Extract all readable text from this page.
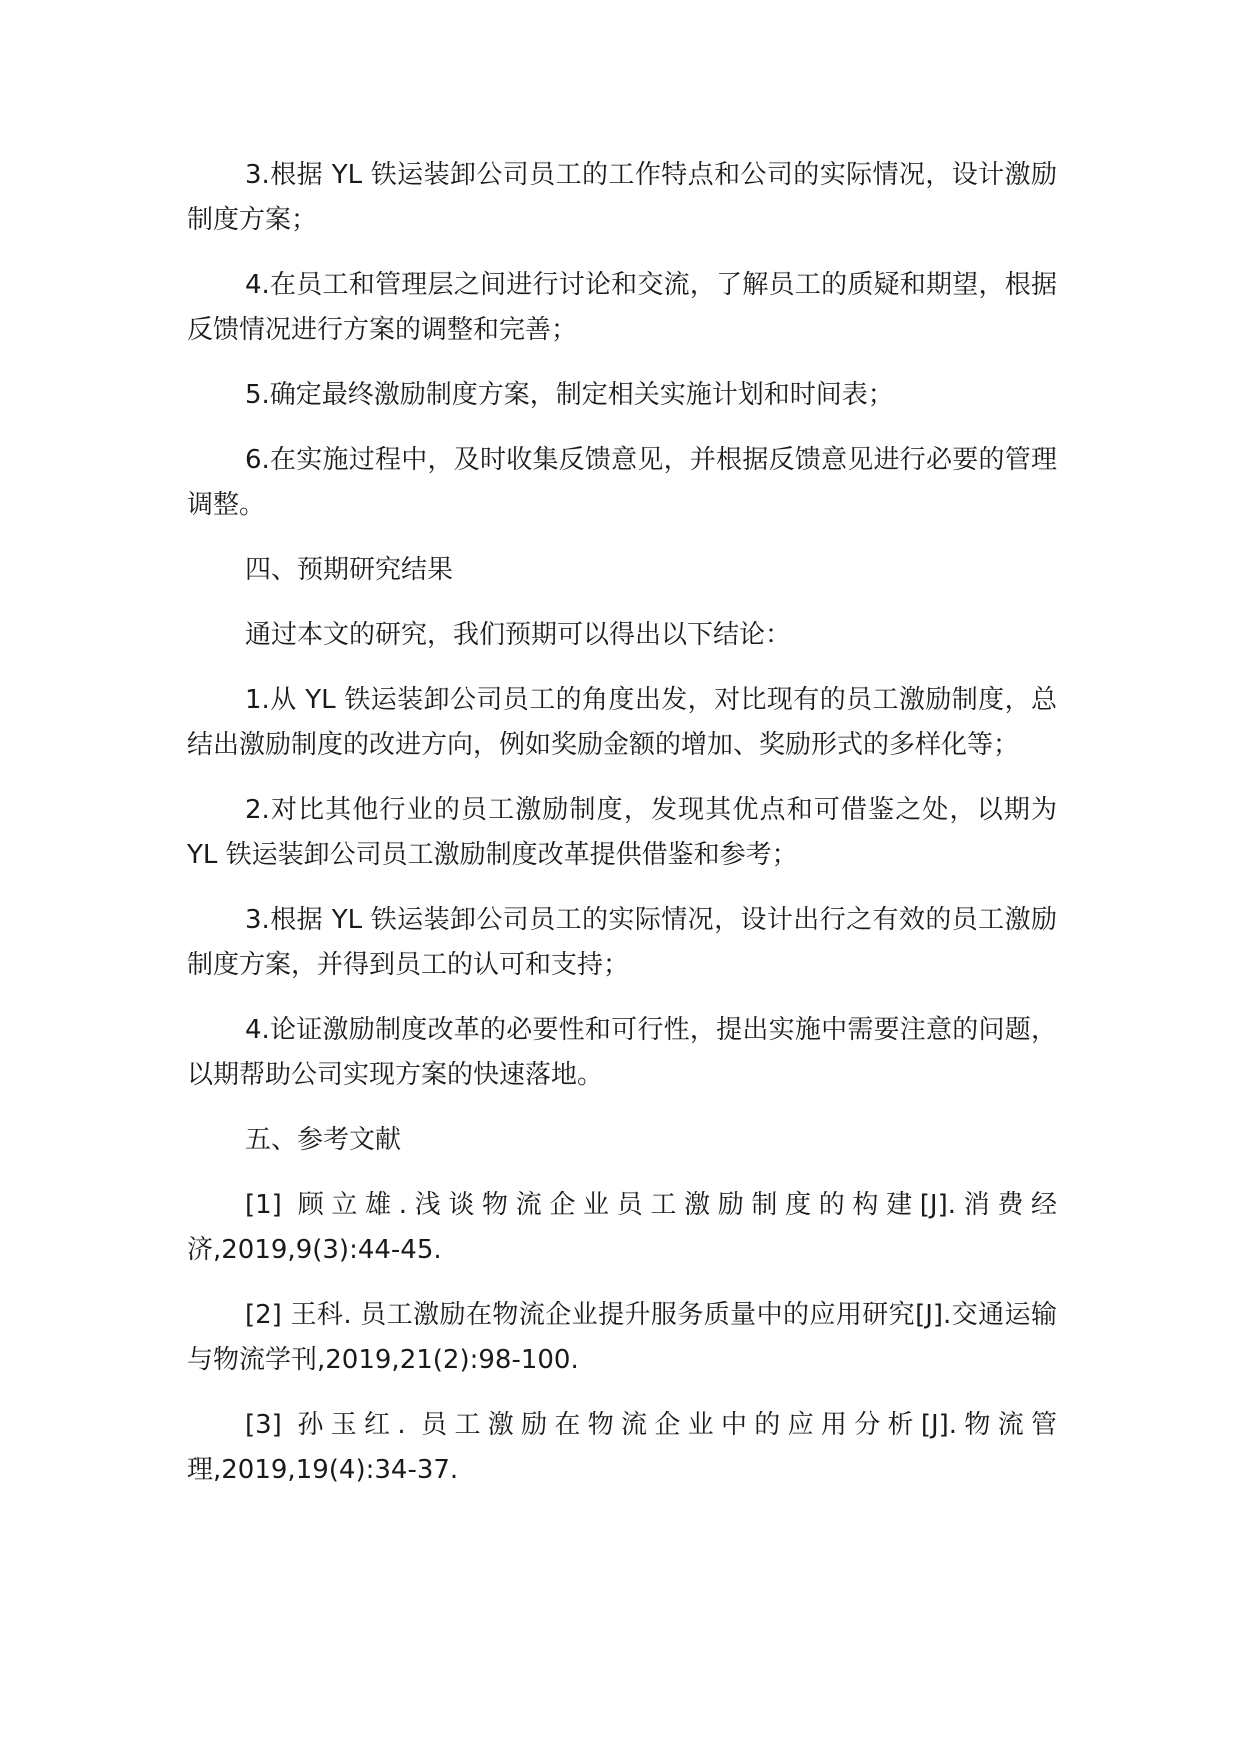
3.根据 YL 铁运装卸公司员工的工作特点和公司的实际情况，设计激励制度方案；

4.在员工和管理层之间进行讨论和交流，了解员工的质疑和期望，根据反馈情况进行方案的调整和完善；

5.确定最终激励制度方案，制定相关实施计划和时间表；

6.在实施过程中，及时收集反馈意见，并根据反馈意见进行必要的管理调整。

四、预期研究结果

通过本文的研究，我们预期可以得出以下结论：

1.从 YL 铁运装卸公司员工的角度出发，对比现有的员工激励制度，总结出激励制度的改进方向，例如奖励金额的增加、奖励形式的多样化等；

2.对比其他行业的员工激励制度，发现其优点和可借鉴之处，以期为 YL 铁运装卸公司员工激励制度改革提供借鉴和参考；

3.根据 YL 铁运装卸公司员工的实际情况，设计出行之有效的员工激励制度方案，并得到员工的认可和支持；

4.论证激励制度改革的必要性和可行性，提出实施中需要注意的问题，以期帮助公司实现方案的快速落地。

五、参考文献

[1] 顾立雄.浅谈物流企业员工激励制度的构建[J].消费经济,2019,9(3):44-45.

[2] 王科. 员工激励在物流企业提升服务质量中的应用研究[J].交通运输与物流学刊,2019,21(2):98-100.

[3] 孙玉红. 员工激励在物流企业中的应用分析[J].物流管理,2019,19(4):34-37.
